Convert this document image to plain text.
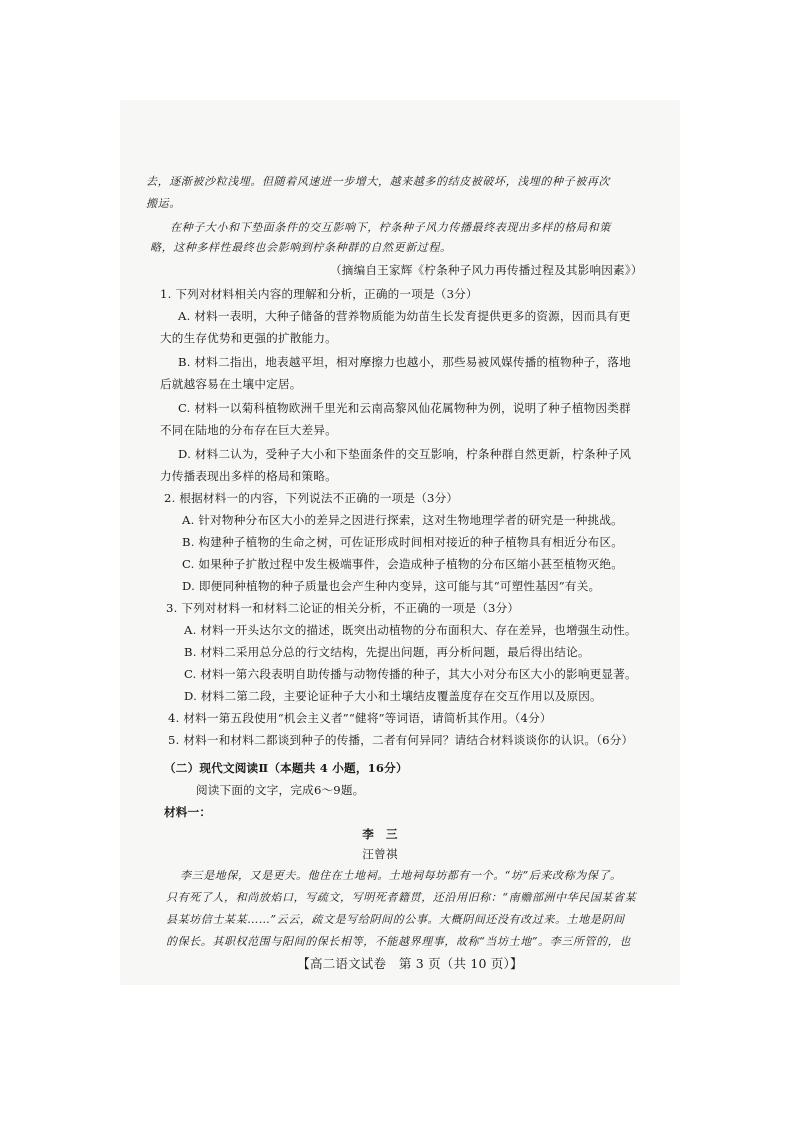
去，逐渐被沙粒浅埋。但随着风速进一步增大，越来越多的结皮被破坏，浅埋的种子被再次
搬运。
在种子大小和下垫面条件的交互影响下，柠条种子风力传播最终表现出多样的格局和策
略，这种多样性最终也会影响到柠条种群的自然更新过程。
（摘编自王家辉《柠条种子风力再传播过程及其影响因素》）
1. 下列对材料相关内容的理解和分析，正确的一项是（3分）
A. 材料一表明，大种子储备的营养物质能为幼苗生长发育提供更多的资源，因而具有更
大的生存优势和更强的扩散能力。
B. 材料二指出，地表越平坦，相对摩擦力也越小，那些易被风媒传播的植物种子，落地
后就越容易在土壤中定居。
C. 材料一以菊科植物欧洲千里光和云南高黎风仙花属物种为例，说明了种子植物因类群
不同在陆地的分布存在巨大差异。
D. 材料二认为，受种子大小和下垫面条件的交互影响，柠条种群自然更新，柠条种子风
力传播表现出多样的格局和策略。
2. 根据材料一的内容，下列说法不正确的一项是（3分）
A. 针对物种分布区大小的差异之因进行探索，这对生物地理学者的研究是一种挑战。
B. 构建种子植物的生命之树，可佐证形成时间相对接近的种子植物具有相近分布区。
C. 如果种子扩散过程中发生极端事件，会造成种子植物的分布区缩小甚至植物灭绝。
D. 即便同种植物的种子质量也会产生种内变异，这可能与其“可塑性基因”有关。
3. 下列对材料一和材料二论证的相关分析，不正确的一项是（3分）
A. 材料一开头达尔文的描述，既突出动植物的分布面积大、存在差异，也增强生动性。
B. 材料二采用总分总的行文结构，先提出问题，再分析问题，最后得出结论。
C. 材料一第六段表明自助传播与动物传播的种子，其大小对分布区大小的影响更显著。
D. 材料二第二段，主要论证种子大小和土壤结皮覆盖度存在交互作用以及原因。
4. 材料一第五段使用“机会主义者”“健将”等词语，请简析其作用。（4分）
5. 材料一和材料二都谈到种子的传播，二者有何异同？请结合材料谈谈你的认识。（6分）
（二）现代文阅读Ⅱ（本题共 4 小题，16分）
阅读下面的文字，完成6～9题。
材料一：
李　三
汪曾祺
李三是地保，又是更夫。他住在土地祠。土地祠每坊都有一个。“坊”后来改称为保了。
只有死了人，和尚放焰口，写疏文，写明死者籍贯，还沿用旧称：“南赡部洲中华民国某省某
县某坊信士某某……”云云，疏文是写给阴间的公事。大概阴间还没有改过来。土地是阴间
的保长。其职权范围与阳间的保长相等，不能越界理事，故称“当坊土地”。李三所管的，也
【高二语文试卷　第 3 页（共 10 页）】
